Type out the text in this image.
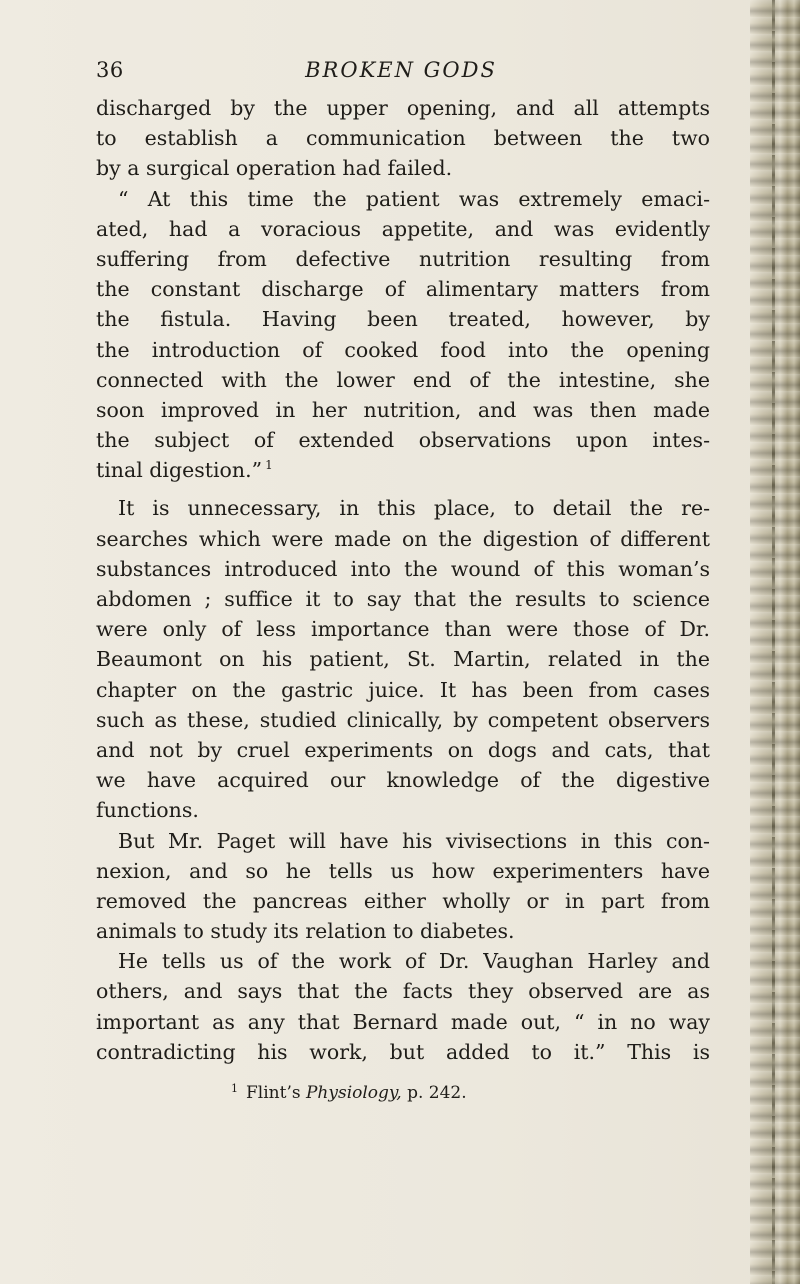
36	BROKEN GODS
discharged by the upper opening, and all attempts
to establish a communication between the two
by a surgical operation had failed.
“ At this time the patient was extremely emaci-
ated, had a voracious appetite, and was evidently
suffering from defective nutrition resulting from
the constant discharge of alimentary matters from
the fistula. Having been treated, however, by
the introduction of cooked food into the opening
connected with the lower end of the intestine, she
soon improved in her nutrition, and was then made
the subject of extended observations upon intes-
tinal digestion.” $^1$
It is unnecessary, in this place, to detail the re-
searches which were made on the digestion of different
substances introduced into the wound of this woman’s
abdomen ; suffice it to say that the results to science
were only of less importance than were those of Dr.
Beaumont on his patient, St. Martin, related in the
chapter on the gastric juice. It has been from cases
such as these, studied clinically, by competent observers
and not by cruel experiments on dogs and cats, that
we have acquired our knowledge of the digestive
functions.
But Mr. Paget will have his vivisections in this con-
nexion, and so he tells us how experimenters have
removed the pancreas either wholly or in part from
animals to study its relation to diabetes.
He tells us of the work of Dr. Vaughan Harley and
others, and says that the facts they observed are as
important as any that Bernard made out, “ in no way
contradicting his work, but added to it.” This is
$^1$ Flint’s Physiology, p. 242.
